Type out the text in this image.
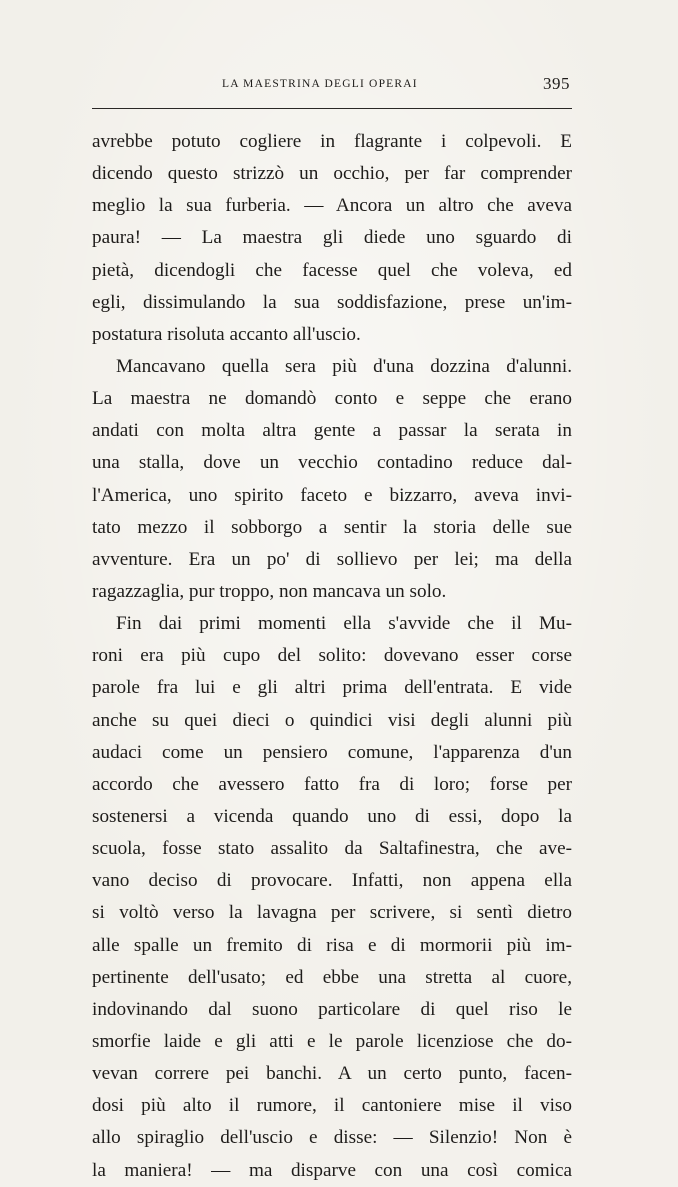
LA MAESTRINA DEGLI OPERAI	395
avrebbe potuto cogliere in flagrante i colpevoli. E
dicendo questo strizzò un occhio, per far comprender
meglio la sua furberia. — Ancora un altro che aveva
paura! — La maestra gli diede uno sguardo di
pietà, dicendogli che facesse quel che voleva, ed
egli, dissimulando la sua soddisfazione, prese un'im-
postatura risoluta accanto all'uscio.
Mancavano quella sera più d'una dozzina d'alunni.
La maestra ne domandò conto e seppe che erano
andati con molta altra gente a passar la serata in
una stalla, dove un vecchio contadino reduce dal-
l'America, uno spirito faceto e bizzarro, aveva invi-
tato mezzo il sobborgo a sentir la storia delle sue
avventure. Era un po' di sollievo per lei; ma della
ragazzaglia, pur troppo, non mancava un solo.
Fin dai primi momenti ella s'avvide che il Mu-
roni era più cupo del solito: dovevano esser corse
parole fra lui e gli altri prima dell'entrata. E vide
anche su quei dieci o quindici visi degli alunni più
audaci come un pensiero comune, l'apparenza d'un
accordo che avessero fatto fra di loro; forse per
sostenersi a vicenda quando uno di essi, dopo la
scuola, fosse stato assalito da Saltafinestra, che ave-
vano deciso di provocare. Infatti, non appena ella
si voltò verso la lavagna per scrivere, si sentì dietro
alle spalle un fremito di risa e di mormorii più im-
pertinente dell'usato; ed ebbe una stretta al cuore,
indovinando dal suono particolare di quel riso le
smorfie laide e gli atti e le parole licenziose che do-
vevan correre pei banchi. A un certo punto, facen-
dosi più alto il rumore, il cantoniere mise il viso
allo spiraglio dell'uscio e disse: — Silenzio! Non è
la maniera! — ma disparve con una così comica
